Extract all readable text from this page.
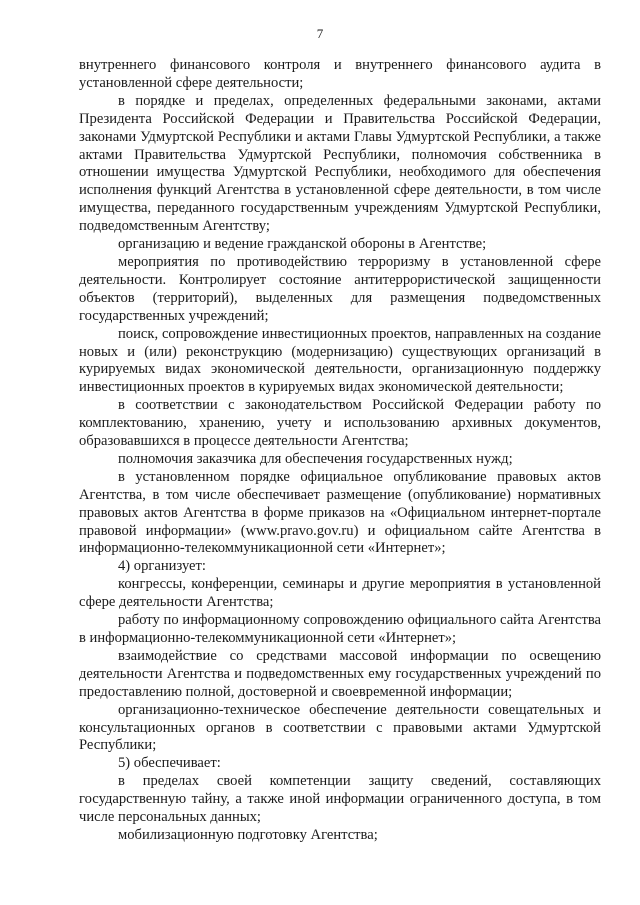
7

внутреннего финансового контроля и внутреннего финансового аудита в установленной сфере деятельности;

в порядке и пределах, определенных федеральными законами, актами Президента Российской Федерации и Правительства Российской Федерации, законами Удмуртской Республики и актами Главы Удмуртской Республики, а также актами Правительства Удмуртской Республики, полномочия собственника в отношении имущества Удмуртской Республики, необходимого для обеспечения исполнения функций Агентства в установленной сфере деятельности, в том числе имущества, переданного государственным учреждениям Удмуртской Республики, подведомственным Агентству;

организацию и ведение гражданской обороны в Агентстве;

мероприятия по противодействию терроризму в установленной сфере деятельности. Контролирует состояние антитеррористической защищенности объектов (территорий), выделенных для размещения подведомственных государственных учреждений;

поиск, сопровождение инвестиционных проектов, направленных на создание новых и (или) реконструкцию (модернизацию) существующих организаций в курируемых видах экономической деятельности, организационную поддержку инвестиционных проектов в курируемых видах экономической деятельности;

в соответствии с законодательством Российской Федерации работу по комплектованию, хранению, учету и использованию архивных документов, образовавшихся в процессе деятельности Агентства;

полномочия заказчика для обеспечения государственных нужд;

в установленном порядке официальное опубликование правовых актов Агентства, в том числе обеспечивает размещение (опубликование) нормативных правовых актов Агентства в форме приказов на «Официальном интернет-портале правовой информации» (www.pravo.gov.ru) и официальном сайте Агентства в информационно-телекоммуникационной сети «Интернет»;

4) организует:

конгрессы, конференции, семинары и другие мероприятия в установленной сфере деятельности Агентства;

работу по информационному сопровождению официального сайта Агентства в информационно-телекоммуникационной сети «Интернет»;

взаимодействие со средствами массовой информации по освещению деятельности Агентства и подведомственных ему государственных учреждений по предоставлению полной, достоверной и своевременной информации;

организационно-техническое обеспечение деятельности совещательных и консультационных органов в соответствии с правовыми актами Удмуртской Республики;

5) обеспечивает:

в пределах своей компетенции защиту сведений, составляющих государственную тайну, а также иной информации ограниченного доступа, в том числе персональных данных;

мобилизационную подготовку Агентства;
